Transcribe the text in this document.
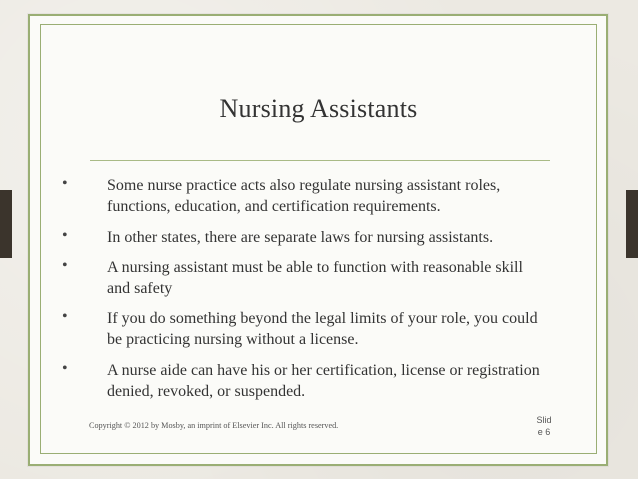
Nursing Assistants
• Some nurse practice acts also regulate nursing assistant roles,
functions, education, and certification requirements.
• In other states, there are separate laws for nursing assistants.
• A nursing assistant must be able to function with reasonable skill
and safety
• If you do something beyond the legal limits of your role, you could
be practicing nursing without a license.
• A nurse aide can have his or her certification, license or registration
denied, revoked, or suspended.
Copyright © 2012 by Mosby, an imprint of Elsevier Inc. All rights reserved.
Slid
e 6
